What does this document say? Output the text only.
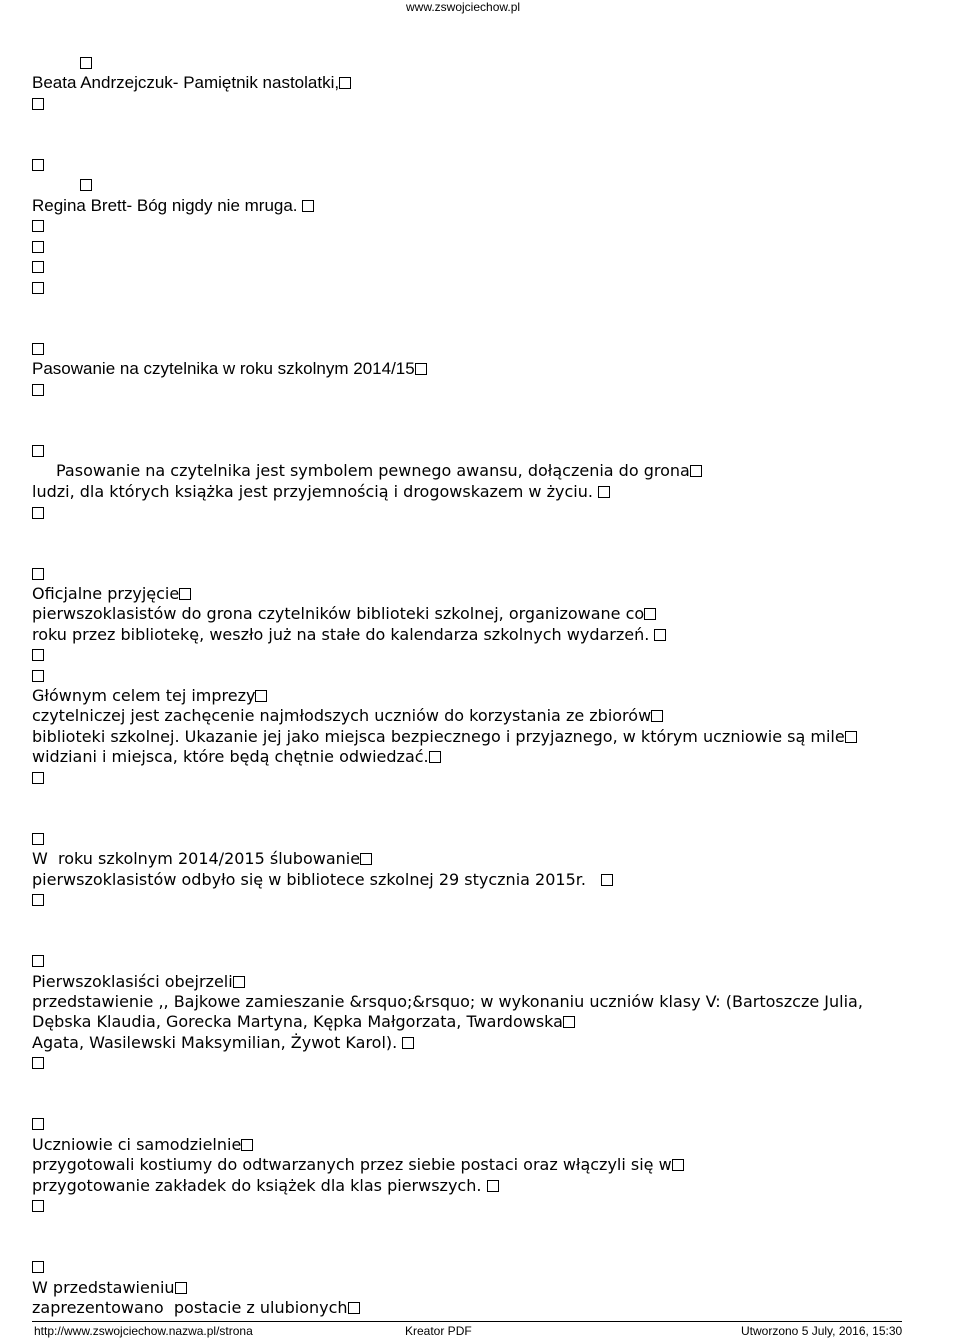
www.zswojciechow.pl
Beata Andrzejczuk- Pamiętnik nastolatki,
Regina Brett- Bóg nigdy nie mruga.
Pasowanie na czytelnika w roku szkolnym 2014/15
Pasowanie na czytelnika jest symbolem pewnego awansu, dołączenia do grona
ludzi, dla których książka jest przyjemnością i drogowskazem w życiu.
Oficjalne przyjęcie
pierwszoklasistów do grona czytelników biblioteki szkolnej, organizowane co
roku przez bibliotekę, weszło już na stałe do kalendarza szkolnych wydarzeń.
Głównym celem tej imprezy
czytelniczej jest zachęcenie najmłodszych uczniów do korzystania ze zbiorów
biblioteki szkolnej. Ukazanie jej jako miejsca bezpiecznego i przyjaznego, w którym uczniowie są mile
widziani i miejsca, które będą chętnie odwiedzać.
W  roku szkolnym 2014/2015 ślubowanie
pierwszoklasistów odbyło się w bibliotece szkolnej 29 stycznia 2015r.
Pierwszoklasiści obejrzeli
przedstawienie ,, Bajkowe zamieszanie &rsquo;&rsquo; w wykonaniu uczniów klasy V: (Bartoszcze Julia,
Dębska Klaudia, Gorecka Martyna, Kępka Małgorzata, Twardowska
Agata, Wasilewski Maksymilian, Żywot Karol).
Uczniowie ci samodzielnie
przygotowali kostiumy do odtwarzanych przez siebie postaci oraz włączyli się w
przygotowanie zakładek do książek dla klas pierwszych.
W przedstawieniu
zaprezentowano  postacie z ulubionych
http://www.zswojciechow.nazwa.pl/strona	Kreator PDF	Utworzono 5 July, 2016, 15:30
